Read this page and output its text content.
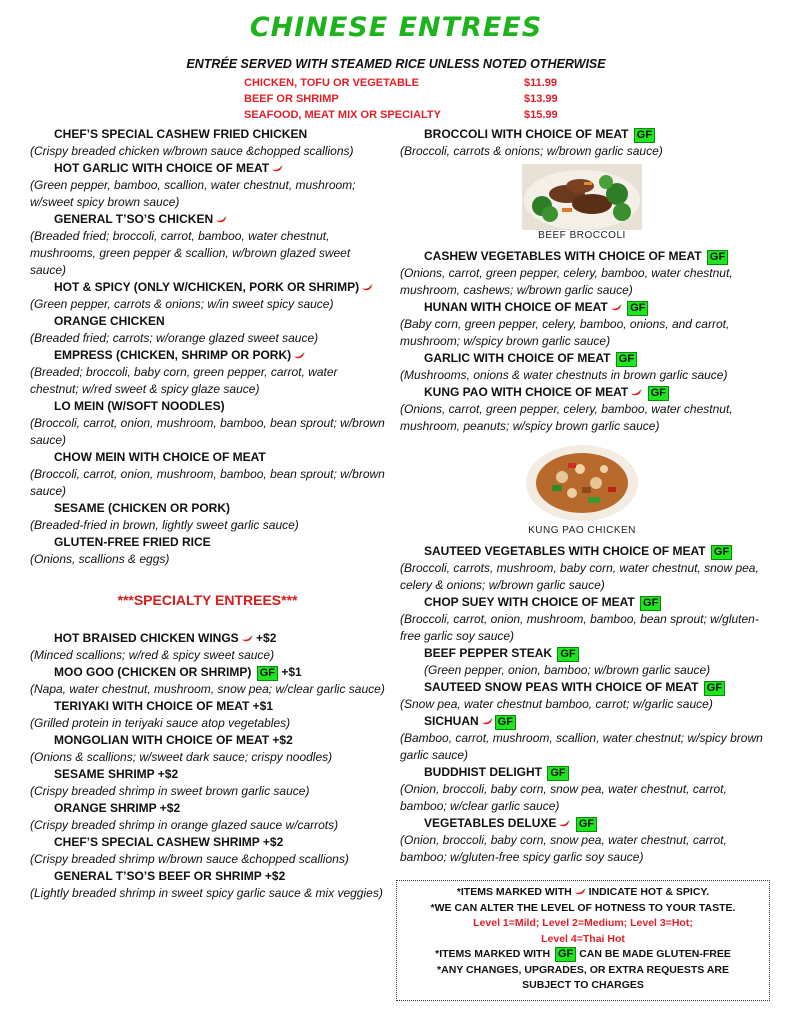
CHINESE ENTREES
ENTRÉE SERVED WITH STEAMED RICE UNLESS NOTED OTHERWISE
CHICKEN, TOFU OR VEGETABLE	$11.99
BEEF OR SHRIMP	$13.99
SEAFOOD, MEAT MIX OR SPECIALTY	$15.99
CHEF’S SPECIAL CASHEW FRIED CHICKEN
(Crispy breaded chicken w/brown sauce &chopped scallions)
HOT GARLIC WITH CHOICE OF MEAT
(Green pepper, bamboo, scallion, water chestnut, mushroom; w/sweet spicy brown sauce)
GENERAL T’SO’S CHICKEN
(Breaded fried; broccoli, carrot, bamboo, water chestnut, mushrooms, green pepper & scallion, w/brown glazed sweet sauce)
HOT & SPICY (ONLY W/CHICKEN, PORK OR SHRIMP)
(Green pepper, carrots & onions; w/in sweet spicy sauce)
ORANGE CHICKEN
(Breaded fried; carrots; w/orange glazed sweet sauce)
EMPRESS (CHICKEN, SHRIMP OR PORK)
(Breaded; broccoli, baby corn, green pepper, carrot, water chestnut; w/red sweet & spicy glaze sauce)
LO MEIN (W/SOFT NOODLES)
(Broccoli, carrot, onion, mushroom, bamboo, bean sprout; w/brown sauce)
CHOW MEIN WITH CHOICE OF MEAT
(Broccoli, carrot, onion, mushroom, bamboo, bean sprout; w/brown sauce)
SESAME (CHICKEN OR PORK)
(Breaded-fried in brown, lightly sweet garlic sauce)
GLUTEN-FREE FRIED RICE
(Onions, scallions & eggs)
***SPECIALTY ENTREES***
HOT BRAISED CHICKEN WINGS +$2
(Minced scallions; w/red & spicy sweet sauce)
MOO GOO (CHICKEN OR SHRIMP) GF +$1
(Napa, water chestnut, mushroom, snow pea; w/clear garlic sauce)
TERIYAKI WITH CHOICE OF MEAT +$1
(Grilled protein in teriyaki sauce atop vegetables)
MONGOLIAN WITH CHOICE OF MEAT +$2
(Onions & scallions; w/sweet dark sauce; crispy noodles)
SESAME SHRIMP +$2
(Crispy breaded shrimp in sweet brown garlic sauce)
ORANGE SHRIMP +$2
(Crispy breaded shrimp in orange glazed sauce w/carrots)
CHEF’S SPECIAL CASHEW SHRIMP +$2
(Crispy breaded shrimp w/brown sauce &chopped scallions)
GENERAL T’SO’S BEEF OR SHRIMP +$2
(Lightly breaded shrimp in sweet spicy garlic sauce & mix veggies)
BROCCOLI WITH CHOICE OF MEAT GF
(Broccoli, carrots & onions; w/brown garlic sauce)
BEEF BROCCOLI
CASHEW VEGETABLES WITH CHOICE OF MEAT GF
(Onions, carrot, green pepper, celery, bamboo, water chestnut, mushroom, cashews; w/brown garlic sauce)
HUNAN WITH CHOICE OF MEAT GF
(Baby corn, green pepper, celery, bamboo, onions, and carrot, mushroom; w/spicy brown garlic sauce)
GARLIC WITH CHOICE OF MEAT GF
(Mushrooms, onions & water chestnuts in brown garlic sauce)
KUNG PAO WITH CHOICE OF MEAT GF
(Onions, carrot, green pepper, celery, bamboo, water chestnut, mushroom, peanuts; w/spicy brown garlic sauce)
KUNG PAO CHICKEN
SAUTEED VEGETABLES WITH CHOICE OF MEAT GF
(Broccoli, carrots, mushroom, baby corn, water chestnut, snow pea, celery & onions; w/brown garlic sauce)
CHOP SUEY WITH CHOICE OF MEAT GF
(Broccoli, carrot, onion, mushroom, bamboo, bean sprout; w/gluten-free garlic soy sauce)
BEEF PEPPER STEAK GF
(Green pepper, onion, bamboo; w/brown garlic sauce)
SAUTEED SNOW PEAS WITH CHOICE OF MEAT GF
(Snow pea, water chestnut bamboo, carrot; w/garlic sauce)
SICHUAN GF
(Bamboo, carrot, mushroom, scallion, water chestnut; w/spicy brown garlic sauce)
BUDDHIST DELIGHT GF
(Onion, broccoli, baby corn, snow pea, water chestnut, carrot, bamboo; w/clear garlic sauce)
VEGETABLES DELUXE GF
(Onion, broccoli, baby corn, snow pea, water chestnut, carrot, bamboo; w/gluten-free spicy garlic soy sauce)
*ITEMS MARKED WITH INDICATE HOT & SPICY.
*WE CAN ALTER THE LEVEL OF HOTNESS TO YOUR TASTE.
Level 1=Mild; Level 2=Medium; Level 3=Hot;
Level 4=Thai Hot
*ITEMS MARKED WITH GF CAN BE MADE GLUTEN-FREE
*ANY CHANGES, UPGRADES, OR EXTRA REQUESTS ARE
SUBJECT TO CHARGES
